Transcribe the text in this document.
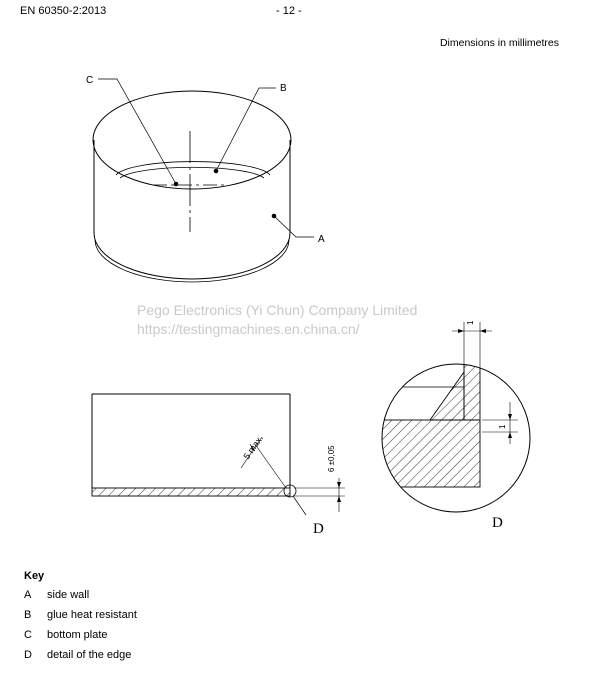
EN 60350-2:2013	- 12 -
Dimensions in millimetres
Pego Electronics (Yi Chun) Company Limited
https://testingmachines.en.china.cn/
C
B
A
5 max.	6 ±0,05
D
1
1
D
Key
A	side wall
B	glue heat resistant
C	bottom plate
D	detail of the edge
